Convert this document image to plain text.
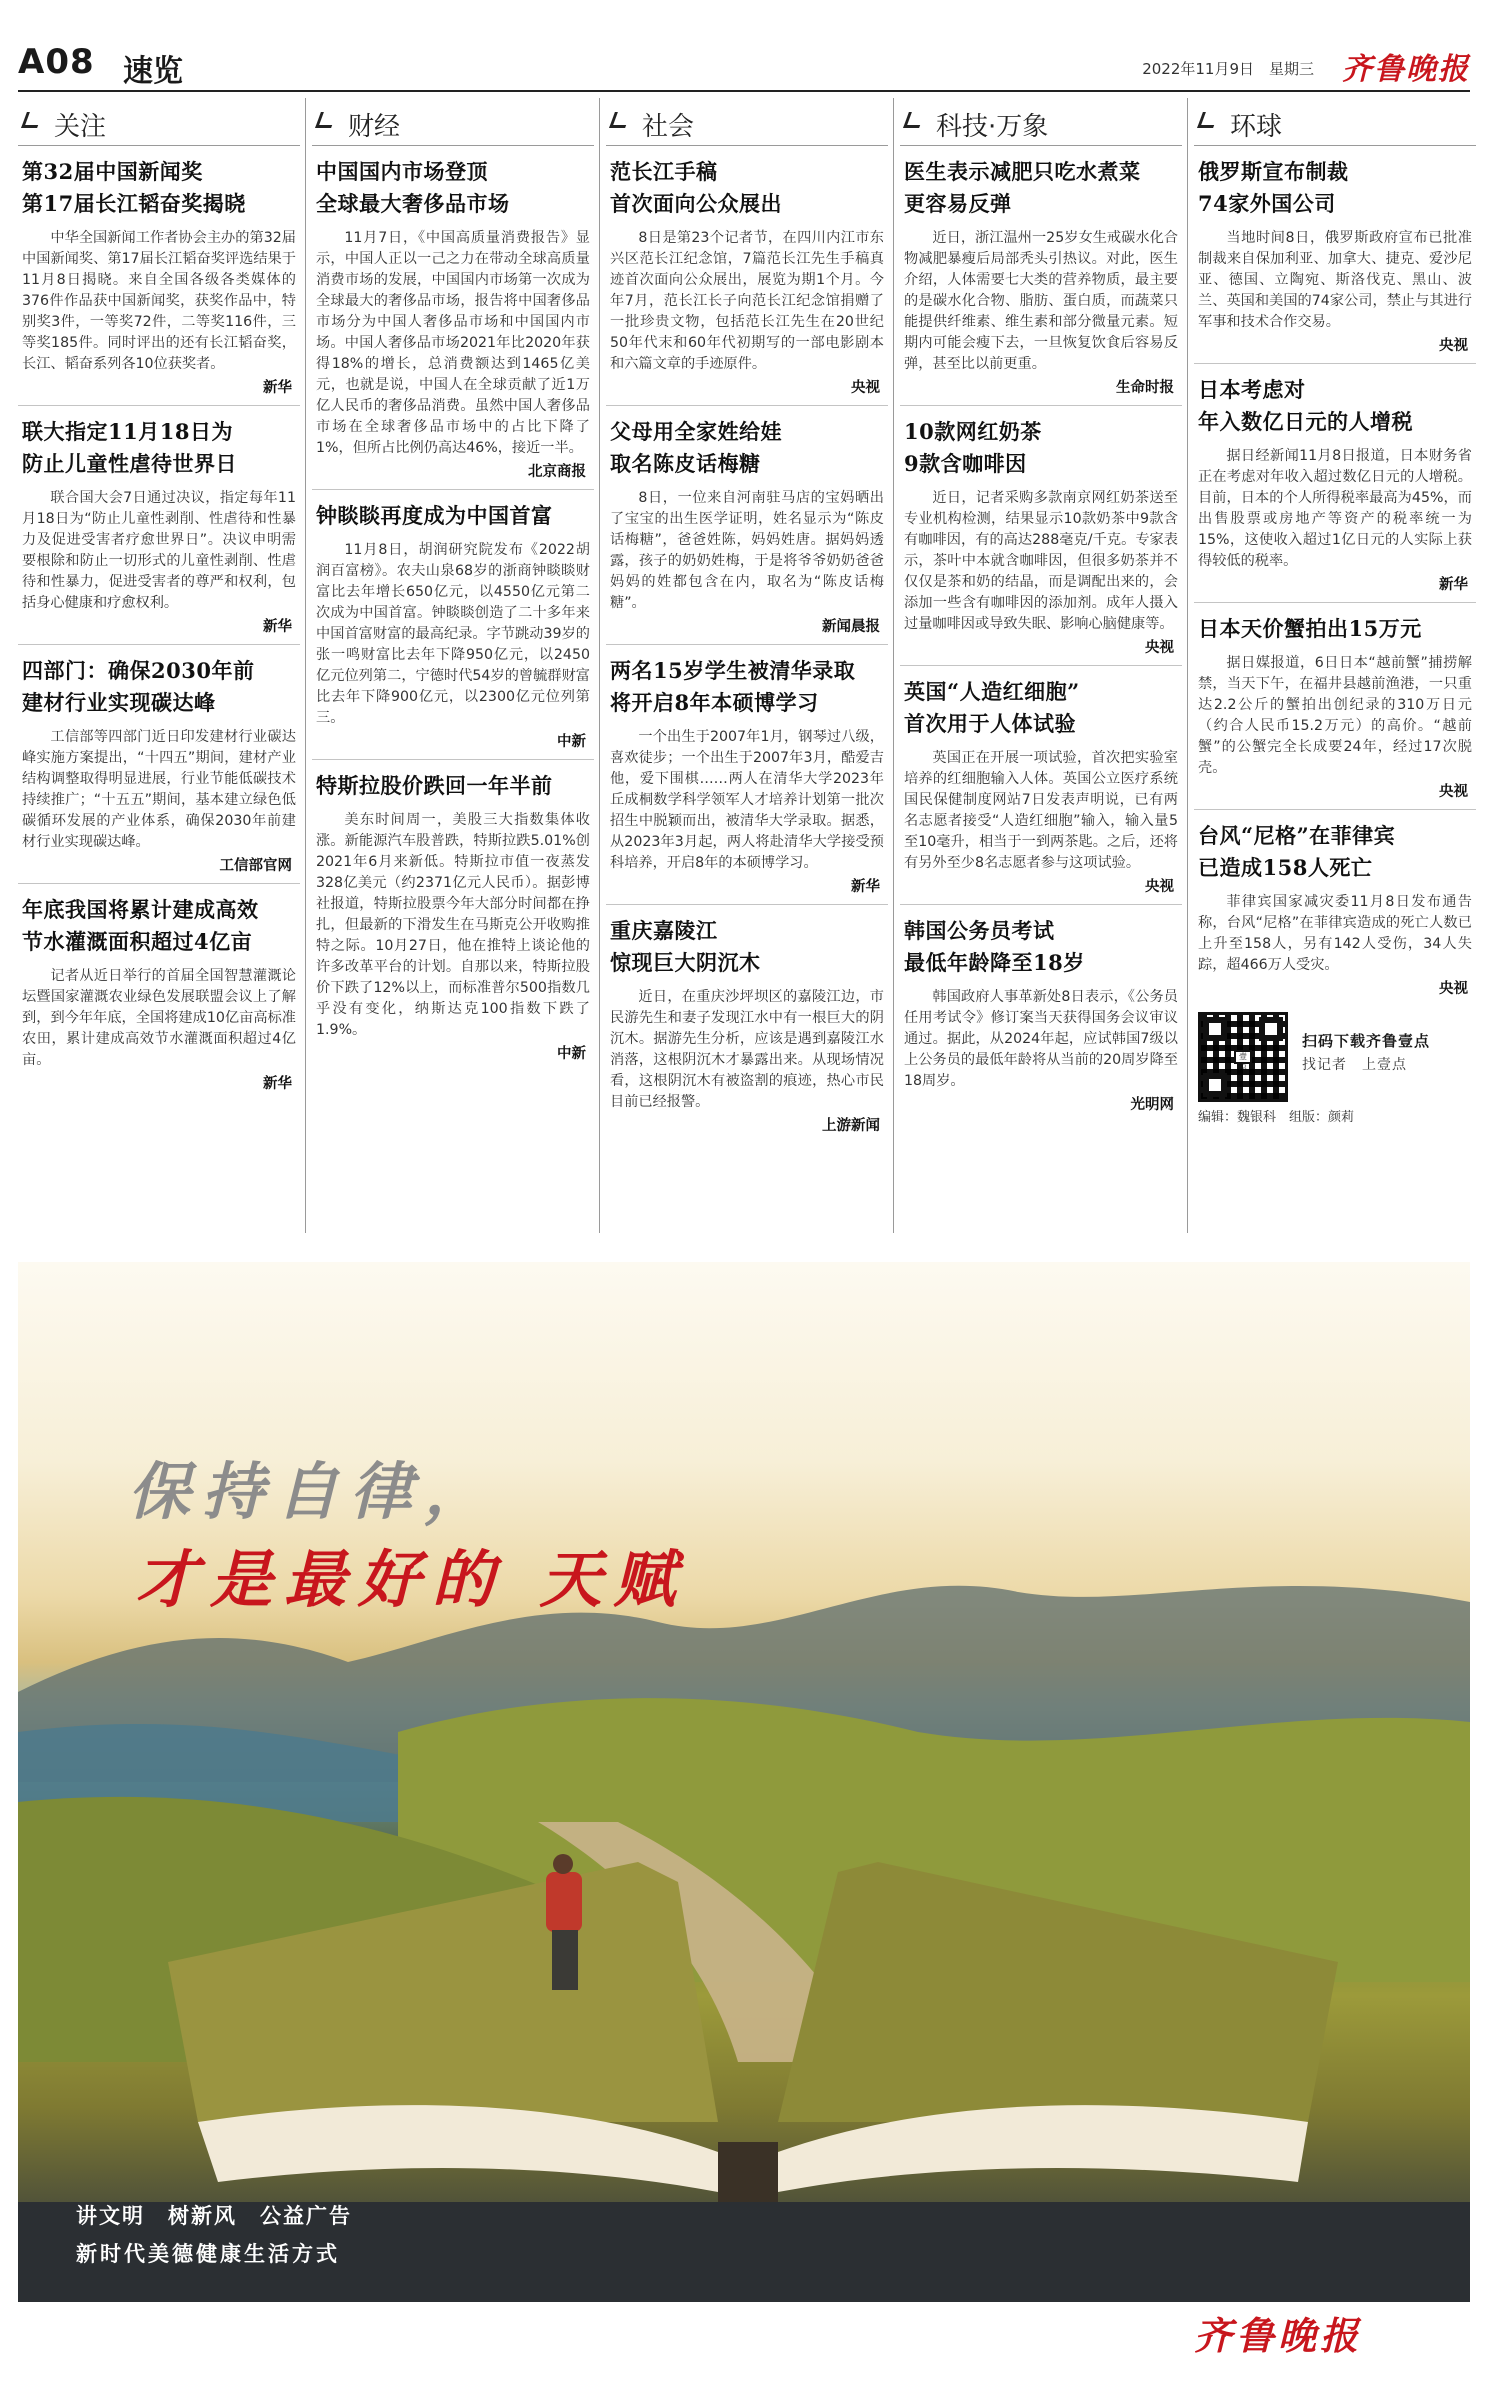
A08 速览	2022年11月9日　星期三 齐鲁晚报
关注
第32届中国新闻奖
第17届长江韬奋奖揭晓

中华全国新闻工作者协会主办的第32届中国新闻奖、第17届长江韬奋奖评选结果于11月8日揭晓。来自全国各级各类媒体的376件作品获中国新闻奖，获奖作品中，特别奖3件，一等奖72件，二等奖116件，三等奖185件。同时评出的还有长江韬奋奖，长江、韬奋系列各10位获奖者。

新华
联大指定11月18日为
防止儿童性虐待世界日

联合国大会7日通过决议，指定每年11月18日为“防止儿童性剥削、性虐待和性暴力及促进受害者疗愈世界日”。决议申明需要根除和防止一切形式的儿童性剥削、性虐待和性暴力，促进受害者的尊严和权利，包括身心健康和疗愈权利。

新华
四部门：确保2030年前
建材行业实现碳达峰

工信部等四部门近日印发建材行业碳达峰实施方案提出，“十四五”期间，建材产业结构调整取得明显进展，行业节能低碳技术持续推广；“十五五”期间，基本建立绿色低碳循环发展的产业体系，确保2030年前建材行业实现碳达峰。

工信部官网
年底我国将累计建成高效
节水灌溉面积超过4亿亩

记者从近日举行的首届全国智慧灌溉论坛暨国家灌溉农业绿色发展联盟会议上了解到，到今年年底，全国将建成10亿亩高标准农田，累计建成高效节水灌溉面积超过4亿亩。

新华
财经
中国国内市场登顶
全球最大奢侈品市场

11月7日，《中国高质量消费报告》显示，中国人正以一己之力在带动全球高质量消费市场的发展，中国国内市场第一次成为全球最大的奢侈品市场，报告将中国奢侈品市场分为中国人奢侈品市场和中国国内市场。中国人奢侈品市场2021年比2020年获得18%的增长，总消费额达到1465亿美元，也就是说，中国人在全球贡献了近1万亿人民币的奢侈品消费。虽然中国人奢侈品市场在全球奢侈品市场中的占比下降了1%，但所占比例仍高达46%，接近一半。

北京商报
钟睒睒再度成为中国首富

11月8日，胡润研究院发布《2022胡润百富榜》。农夫山泉68岁的浙商钟睒睒财富比去年增长650亿元，以4550亿元第二次成为中国首富。钟睒睒创造了二十多年来中国首富财富的最高纪录。字节跳动39岁的张一鸣财富比去年下降950亿元，以2450亿元位列第二，宁德时代54岁的曾毓群财富比去年下降900亿元，以2300亿元位列第三。

中新
特斯拉股价跌回一年半前

美东时间周一，美股三大指数集体收涨。新能源汽车股普跌，特斯拉跌5.01%创2021年6月来新低。特斯拉市值一夜蒸发328亿美元（约2371亿元人民币）。据彭博社报道，特斯拉股票今年大部分时间都在挣扎，但最新的下滑发生在马斯克公开收购推特之际。10月27日，他在推特上谈论他的许多改革平台的计划。自那以来，特斯拉股价下跌了12%以上，而标准普尔500指数几乎没有变化，纳斯达克100指数下跌了1.9%。

中新
社会
范长江手稿
首次面向公众展出

8日是第23个记者节，在四川内江市东兴区范长江纪念馆，7篇范长江先生手稿真迹首次面向公众展出，展览为期1个月。今年7月，范长江长子向范长江纪念馆捐赠了一批珍贵文物，包括范长江先生在20世纪50年代末和60年代初期写的一部电影剧本和六篇文章的手迹原件。

央视
父母用全家姓给娃
取名陈皮话梅糖

8日，一位来自河南驻马店的宝妈晒出了宝宝的出生医学证明，姓名显示为“陈皮话梅糖”，爸爸姓陈，妈妈姓唐。据妈妈透露，孩子的奶奶姓梅，于是将爷爷奶奶爸爸妈妈的姓都包含在内，取名为“陈皮话梅糖”。

新闻晨报
两名15岁学生被清华录取
将开启8年本硕博学习

一个出生于2007年1月，钢琴过八级，喜欢徒步；一个出生于2007年3月，酷爱吉他，爱下围棋……两人在清华大学2023年丘成桐数学科学领军人才培养计划第一批次招生中脱颖而出，被清华大学录取。据悉，从2023年3月起，两人将赴清华大学接受预科培养，开启8年的本硕博学习。

新华
重庆嘉陵江
惊现巨大阴沉木

近日，在重庆沙坪坝区的嘉陵江边，市民游先生和妻子发现江水中有一根巨大的阴沉木。据游先生分析，应该是遇到嘉陵江水消落，这根阴沉木才暴露出来。从现场情况看，这根阴沉木有被盗割的痕迹，热心市民目前已经报警。

上游新闻
科技·万象
医生表示减肥只吃水煮菜
更容易反弹

近日，浙江温州一25岁女生戒碳水化合物减肥暴瘦后局部秃头引热议。对此，医生介绍，人体需要七大类的营养物质，最主要的是碳水化合物、脂肪、蛋白质，而蔬菜只能提供纤维素、维生素和部分微量元素。短期内可能会瘦下去，一旦恢复饮食后容易反弹，甚至比以前更重。

生命时报
10款网红奶茶
9款含咖啡因

近日，记者采购多款南京网红奶茶送至专业机构检测，结果显示10款奶茶中9款含有咖啡因，有的高达288毫克/千克。专家表示，茶叶中本就含咖啡因，但很多奶茶并不仅仅是茶和奶的结晶，而是调配出来的，会添加一些含有咖啡因的添加剂。成年人摄入过量咖啡因或导致失眠、影响心脑健康等。

央视
英国“人造红细胞”
首次用于人体试验

英国正在开展一项试验，首次把实验室培养的红细胞输入人体。英国公立医疗系统国民保健制度网站7日发表声明说，已有两名志愿者接受“人造红细胞”输入，输入量5至10毫升，相当于一到两茶匙。之后，还将有另外至少8名志愿者参与这项试验。

央视
韩国公务员考试
最低年龄降至18岁

韩国政府人事革新处8日表示，《公务员任用考试令》修订案当天获得国务会议审议通过。据此，从2024年起，应试韩国7级以上公务员的最低年龄将从当前的20周岁降至18周岁。

光明网
环球
俄罗斯宣布制裁
74家外国公司

当地时间8日，俄罗斯政府宣布已批准制裁来自保加利亚、加拿大、捷克、爱沙尼亚、德国、立陶宛、斯洛伐克、黑山、波兰、英国和美国的74家公司，禁止与其进行军事和技术合作交易。

央视
日本考虑对
年入数亿日元的人增税

据日经新闻11月8日报道，日本财务省正在考虑对年收入超过数亿日元的人增税。目前，日本的个人所得税率最高为45%，而出售股票或房地产等资产的税率统一为15%，这使收入超过1亿日元的人实际上获得较低的税率。

新华
日本天价蟹拍出15万元

据日媒报道，6日日本“越前蟹”捕捞解禁，当天下午，在福井县越前渔港，一只重达2.2公斤的蟹拍出创纪录的310万日元（约合人民币15.2万元）的高价。“越前蟹”的公蟹完全长成要24年，经过17次脱壳。

央视
台风“尼格”在菲律宾
已造成158人死亡

菲律宾国家减灾委11月8日发布通告称，台风“尼格”在菲律宾造成的死亡人数已上升至158人，另有142人受伤，34人失踪，超466万人受灾。

央视
壹点
扫码下载齐鲁壹点
找记者　上壹点
编辑：魏银科　组版：颜莉
保持自律，
才是最好的 天赋
讲文明　树新风　公益广告
新时代美德健康生活方式
齐鲁晚报
